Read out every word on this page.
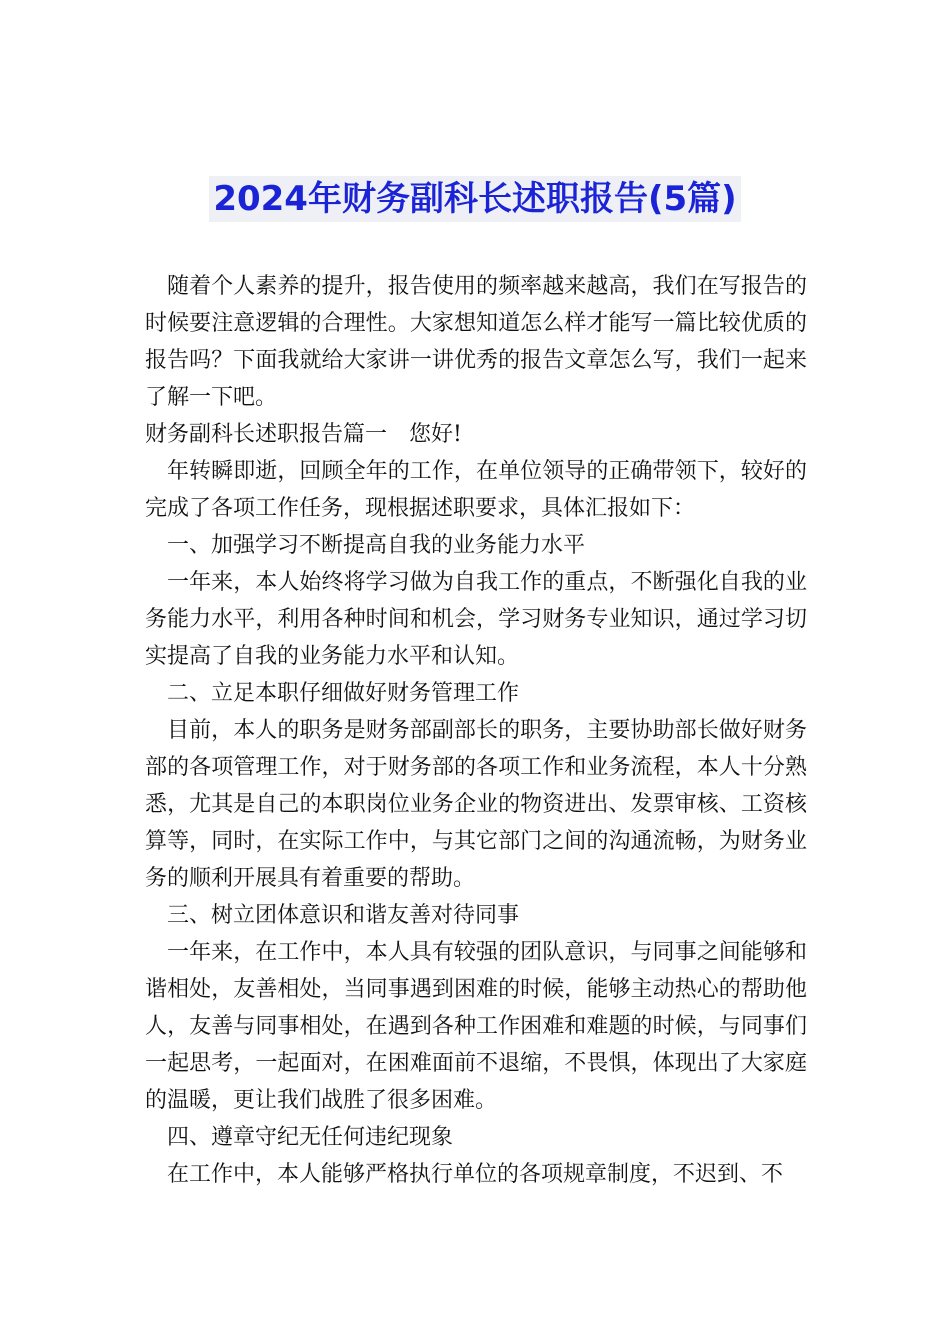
2024年财务副科长述职报告(5篇)

随着个人素养的提升，报告使用的频率越来越高，我们在写报告的时候要注意逻辑的合理性。大家想知道怎么样才能写一篇比较优质的报告吗？下面我就给大家讲一讲优秀的报告文章怎么写，我们一起来了解一下吧。

财务副科长述职报告篇一 您好!

年转瞬即逝，回顾全年的工作，在单位领导的正确带领下，较好的完成了各项工作任务，现根据述职要求，具体汇报如下：

一、加强学习不断提高自我的业务能力水平

一年来，本人始终将学习做为自我工作的重点，不断强化自我的业务能力水平，利用各种时间和机会，学习财务专业知识，通过学习切实提高了自我的业务能力水平和认知。

二、立足本职仔细做好财务管理工作

目前，本人的职务是财务部副部长的职务，主要协助部长做好财务部的各项管理工作，对于财务部的各项工作和业务流程，本人十分熟悉，尤其是自己的本职岗位业务企业的物资进出、发票审核、工资核算等，同时，在实际工作中，与其它部门之间的沟通流畅，为财务业务的顺利开展具有着重要的帮助。

三、树立团体意识和谐友善对待同事

一年来，在工作中，本人具有较强的团队意识，与同事之间能够和谐相处，友善相处，当同事遇到困难的时候，能够主动热心的帮助他人，友善与同事相处，在遇到各种工作困难和难题的时候，与同事们一起思考，一起面对，在困难面前不退缩，不畏惧，体现出了大家庭的温暖，更让我们战胜了很多困难。

四、遵章守纪无任何违纪现象

在工作中，本人能够严格执行单位的各项规章制度，不迟到、不
